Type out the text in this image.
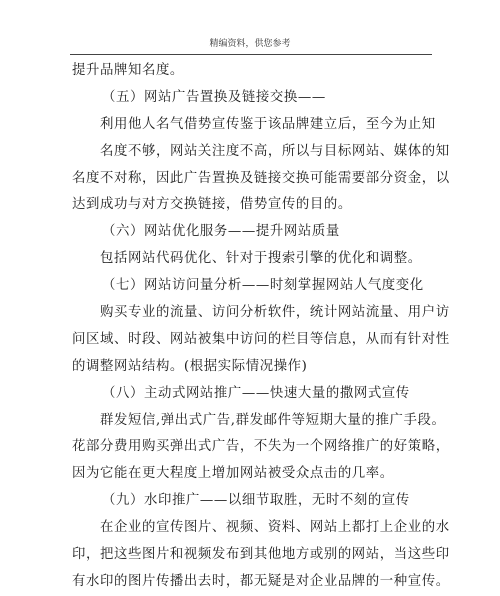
精编资料，供您参考
提升品牌知名度。
（五）网站广告置换及链接交换——
利用他人名气借势宣传鉴于该品牌建立后，至今为止知
名度不够，网站关注度不高，所以与目标网站、媒体的知
名度不对称，因此广告置换及链接交换可能需要部分资金，以
达到成功与对方交换链接，借势宣传的目的。
（六）网站优化服务——提升网站质量
包括网站代码优化、针对于搜索引擎的优化和调整。
（七）网站访问量分析——时刻掌握网站人气度变化
购买专业的流量、访问分析软件，统计网站流量、用户访
问区域、时段、网站被集中访问的栏目等信息，从而有针对性
的调整网站结构。(根据实际情况操作)
（八）主动式网站推广——快速大量的撒网式宣传
群发短信,弹出式广告,群发邮件等短期大量的推广手段。
花部分费用购买弹出式广告，不失为一个网络推广的好策略，
因为它能在更大程度上增加网站被受众点击的几率。
（九）水印推广——以细节取胜，无时不刻的宣传
在企业的宣传图片、视频、资料、网站上都打上企业的水
印，把这些图片和视频发布到其他地方或别的网站，当这些印
有水印的图片传播出去时，都无疑是对企业品牌的一种宣传。
